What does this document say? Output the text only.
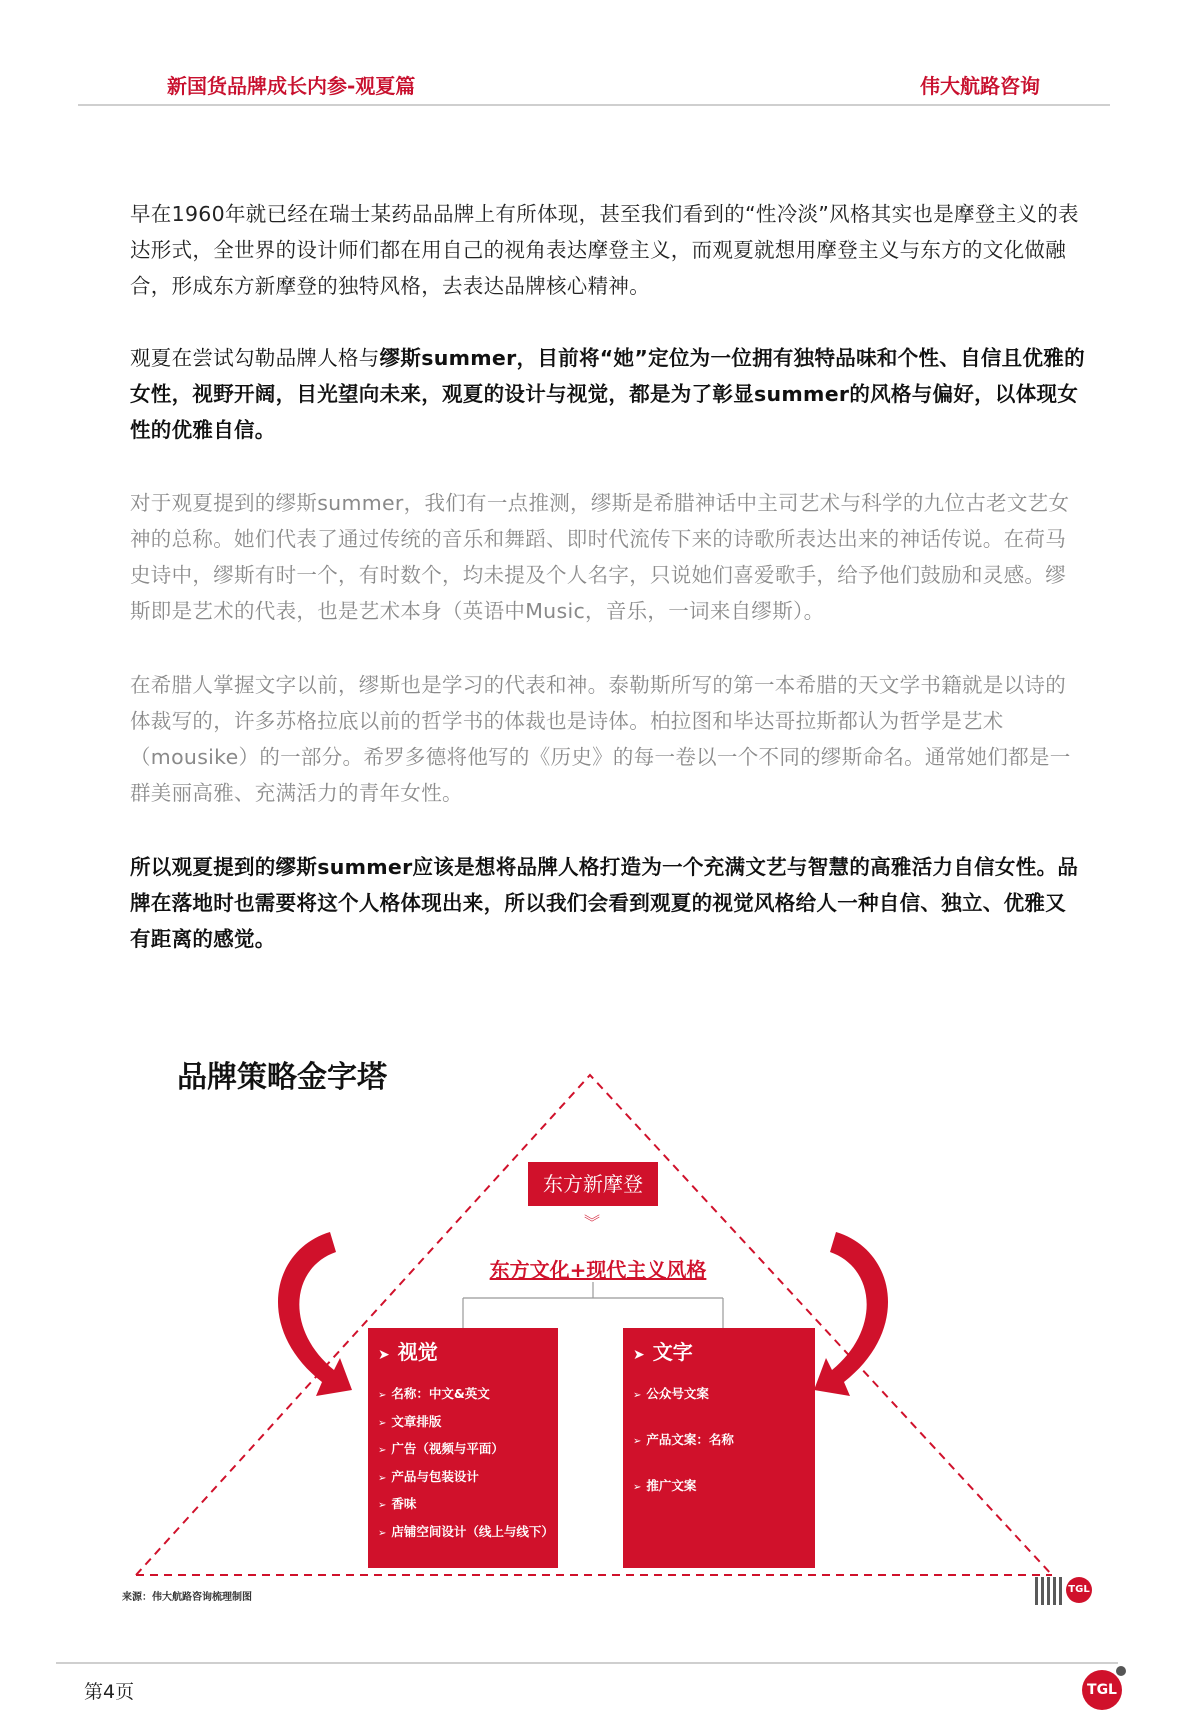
新国货品牌成长内参-观夏篇	伟大航路咨询

早在1960年就已经在瑞士某药品品牌上有所体现，甚至我们看到的“性冷淡”风格其实也是摩登主义的表达形式，全世界的设计师们都在用自己的视角表达摩登主义，而观夏就想用摩登主义与东方的文化做融合，形成东方新摩登的独特风格，去表达品牌核心精神。

观夏在尝试勾勒品牌人格与缪斯summer，目前将“她”定位为一位拥有独特品味和个性、自信且优雅的女性，视野开阔，目光望向未来，观夏的设计与视觉，都是为了彰显summer的风格与偏好，以体现女性的优雅自信。

对于观夏提到的缪斯summer，我们有一点推测，缪斯是希腊神话中主司艺术与科学的九位古老文艺女神的总称。她们代表了通过传统的音乐和舞蹈、即时代流传下来的诗歌所表达出来的神话传说。在荷马史诗中，缪斯有时一个，有时数个，均未提及个人名字，只说她们喜爱歌手，给予他们鼓励和灵感。缪斯即是艺术的代表，也是艺术本身（英语中Music，音乐，一词来自缪斯）。

在希腊人掌握文字以前，缪斯也是学习的代表和神。泰勒斯所写的第一本希腊的天文学书籍就是以诗的体裁写的，许多苏格拉底以前的哲学书的体裁也是诗体。柏拉图和毕达哥拉斯都认为哲学是艺术（mousike）的一部分。希罗多德将他写的《历史》的每一卷以一个不同的缪斯命名。通常她们都是一群美丽高雅、充满活力的青年女性。

所以观夏提到的缪斯summer应该是想将品牌人格打造为一个充满文艺与智慧的高雅活力自信女性。品牌在落地时也需要将这个人格体现出来，所以我们会看到观夏的视觉风格给人一种自信、独立、优雅又有距离的感觉。

品牌策略金字塔
东方新摩登
︾
东方文化+现代主义风格
➤ 视觉
➢ 名称：中文&英文
➢ 文章排版
➢ 广告（视频与平面）
➢ 产品与包装设计
➢ 香味
➢ 店铺空间设计（线上与线下）
➤ 文字
➢ 公众号文案
➢ 产品文案：名称
➢ 推广文案
来源：伟大航路咨询梳理制图
TGL
第4页	TGL
